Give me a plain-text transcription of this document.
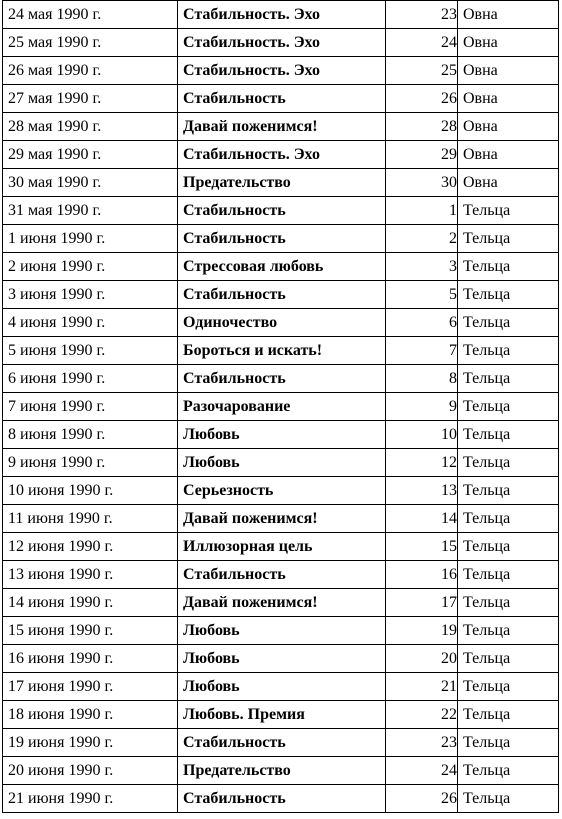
24 мая 1990 г.	Стабильность. Эхо	23	Овна
25 мая 1990 г.	Стабильность. Эхо	24	Овна
26 мая 1990 г.	Стабильность. Эхо	25	Овна
27 мая 1990 г.	Стабильность	26	Овна
28 мая 1990 г.	Давай поженимся!	28	Овна
29 мая 1990 г.	Стабильность. Эхо	29	Овна
30 мая 1990 г.	Предательство	30	Овна
31 мая 1990 г.	Стабильность	1	Тельца
1 июня 1990 г.	Стабильность	2	Тельца
2 июня 1990 г.	Стрессовая любовь	3	Тельца
3 июня 1990 г.	Стабильность	5	Тельца
4 июня 1990 г.	Одиночество	6	Тельца
5 июня 1990 г.	Бороться и искать!	7	Тельца
6 июня 1990 г.	Стабильность	8	Тельца
7 июня 1990 г.	Разочарование	9	Тельца
8 июня 1990 г.	Любовь	10	Тельца
9 июня 1990 г.	Любовь	12	Тельца
10 июня 1990 г.	Серьезность	13	Тельца
11 июня 1990 г.	Давай поженимся!	14	Тельца
12 июня 1990 г.	Иллюзорная цель	15	Тельца
13 июня 1990 г.	Стабильность	16	Тельца
14 июня 1990 г.	Давай поженимся!	17	Тельца
15 июня 1990 г.	Любовь	19	Тельца
16 июня 1990 г.	Любовь	20	Тельца
17 июня 1990 г.	Любовь	21	Тельца
18 июня 1990 г.	Любовь. Премия	22	Тельца
19 июня 1990 г.	Стабильность	23	Тельца
20 июня 1990 г.	Предательство	24	Тельца
21 июня 1990 г.	Стабильность	26	Тельца
